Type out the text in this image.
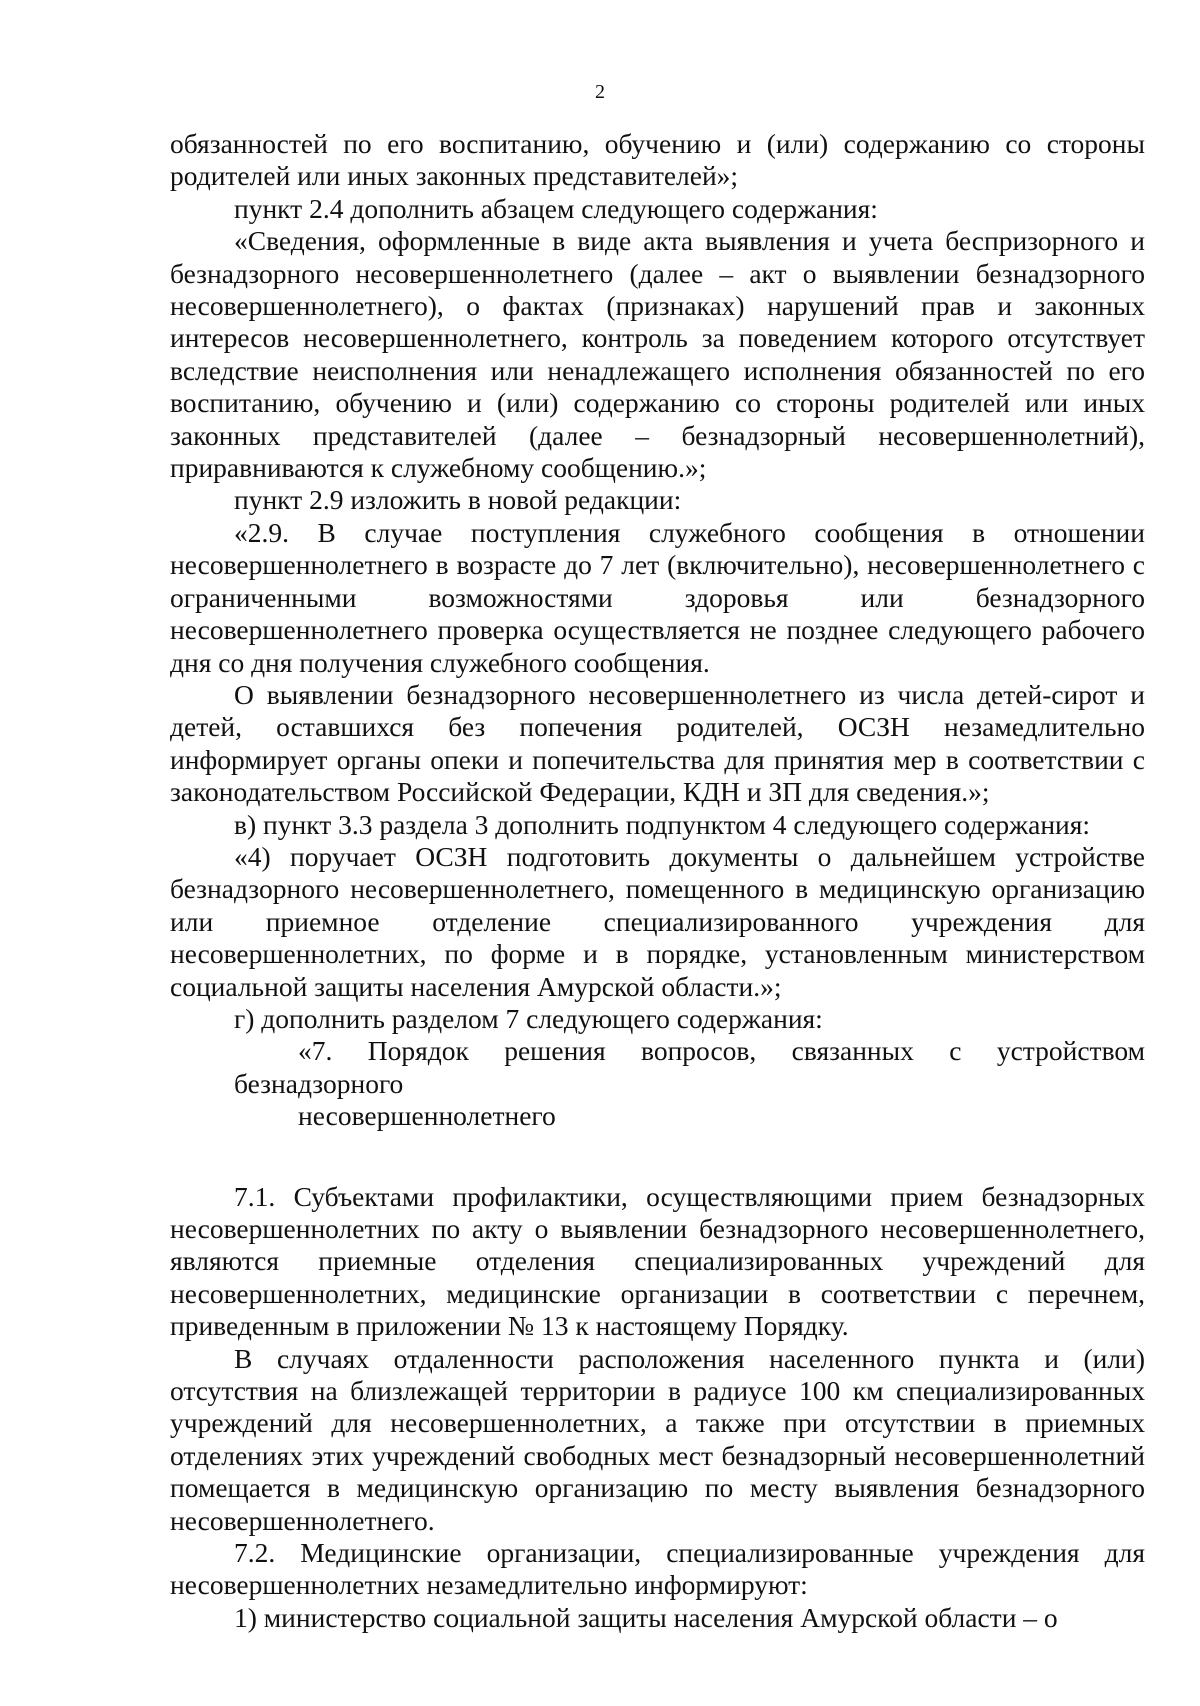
2

обязанностей по его воспитанию, обучению и (или) содержанию со стороны родителей или иных законных представителей»;

пункт 2.4 дополнить абзацем следующего содержания:

«Сведения, оформленные в виде акта выявления и учета беспризорного и безнадзорного несовершеннолетнего (далее – акт о выявлении безнадзорного несовершеннолетнего), о фактах (признаках) нарушений прав и законных интересов несовершеннолетнего, контроль за поведением которого отсутствует вследствие неисполнения или ненадлежащего исполнения обязанностей по его воспитанию, обучению и (или) содержанию со стороны родителей или иных законных представителей (далее – безнадзорный несовершеннолетний), приравниваются к служебному сообщению.»;

пункт 2.9 изложить в новой редакции:

«2.9. В случае поступления служебного сообщения в отношении несовершеннолетнего в возрасте до 7 лет (включительно), несовершеннолетнего с ограниченными возможностями здоровья или безнадзорного несовершеннолетнего проверка осуществляется не позднее следующего рабочего дня со дня получения служебного сообщения.

О выявлении безнадзорного несовершеннолетнего из числа детей-сирот и детей, оставшихся без попечения родителей, ОСЗН незамедлительно информирует органы опеки и попечительства для принятия мер в соответствии с законодательством Российской Федерации, КДН и ЗП для сведения.»;

в) пункт 3.3 раздела 3 дополнить подпунктом 4 следующего содержания:

«4) поручает ОСЗН подготовить документы о дальнейшем устройстве безнадзорного несовершеннолетнего, помещенного в медицинскую организацию или приемное отделение специализированного учреждения для несовершеннолетних, по форме и в порядке, установленным министерством социальной защиты населения Амурской области.»;

г) дополнить разделом 7 следующего содержания:

«7. Порядок решения вопросов, связанных с устройством безнадзорного

несовершеннолетнего

7.1. Субъектами профилактики, осуществляющими прием безнадзорных несовершеннолетних по акту о выявлении безнадзорного несовершеннолетнего, являются приемные отделения специализированных учреждений для несовершеннолетних, медицинские организации в соответствии с перечнем, приведенным в приложении № 13 к настоящему Порядку.

В случаях отдаленности расположения населенного пункта и (или) отсутствия на близлежащей территории в радиусе 100 км специализированных учреждений для несовершеннолетних, а также при отсутствии в приемных отделениях этих учреждений свободных мест безнадзорный несовершеннолетний помещается в медицинскую организацию по месту выявления безнадзорного несовершеннолетнего.

7.2. Медицинские организации, специализированные учреждения для несовершеннолетних незамедлительно информируют:

1) министерство социальной защиты населения Амурской области – о
